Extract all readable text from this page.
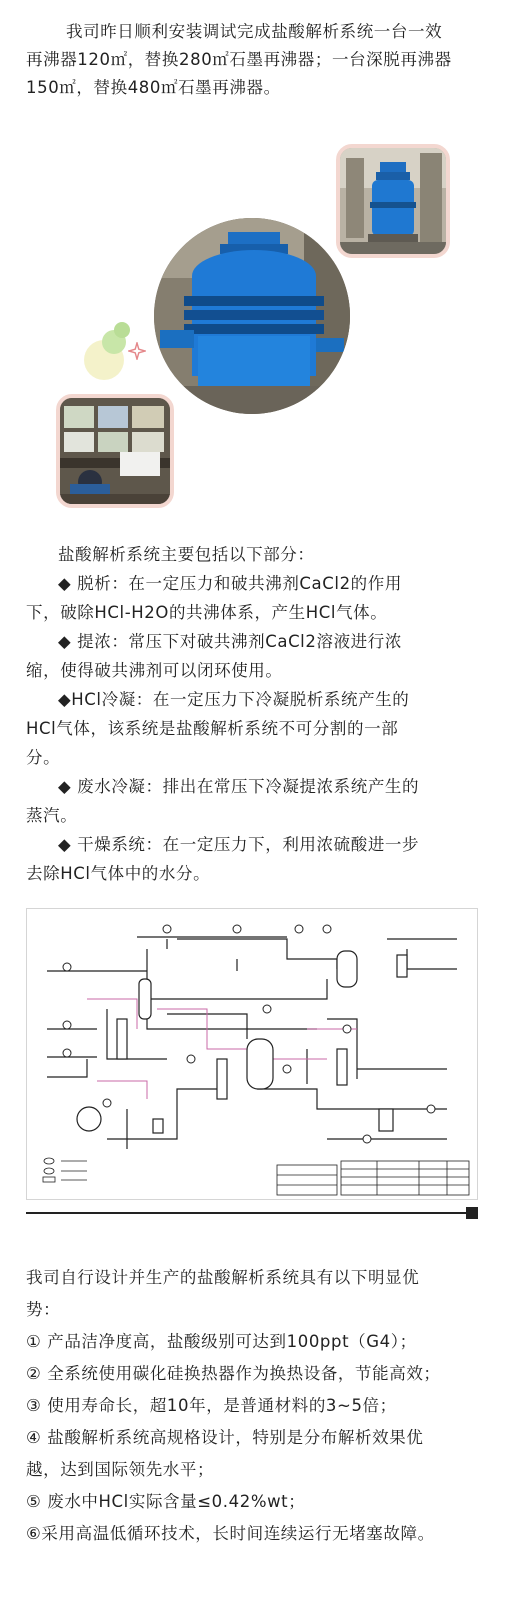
我司昨日顺利安装调试完成盐酸解析系统一台一效
再沸器120㎡，替换280㎡石墨再沸器；一台深脱再沸器
150㎡，替换480㎡石墨再沸器。

盐酸解析系统主要包括以下部分：

◆ 脱析：在一定压力和破共沸剂CaCl2的作用

下，破除HCl-H2O的共沸体系，产生HCl气体。

◆ 提浓：常压下对破共沸剂CaCl2溶液进行浓

缩，使得破共沸剂可以闭环使用。

◆HCl冷凝：在一定压力下冷凝脱析系统产生的

HCl气体，该系统是盐酸解析系统不可分割的一部

分。

◆ 废水冷凝：排出在常压下冷凝提浓系统产生的

蒸汽。

◆ 干燥系统：在一定压力下，利用浓硫酸进一步

去除HCl气体中的水分。

我司自行设计并生产的盐酸解析系统具有以下明显优

势：

① 产品洁净度高，盐酸级别可达到100ppt（G4）；

② 全系统使用碳化硅换热器作为换热设备，节能高效；

③ 使用寿命长，超10年，是普通材料的3~5倍；

④ 盐酸解析系统高规格设计，特别是分布解析效果优

越，达到国际领先水平；

⑤ 废水中HCl实际含量≤0.42%wt；

⑥采用高温低循环技术，长时间连续运行无堵塞故障。
